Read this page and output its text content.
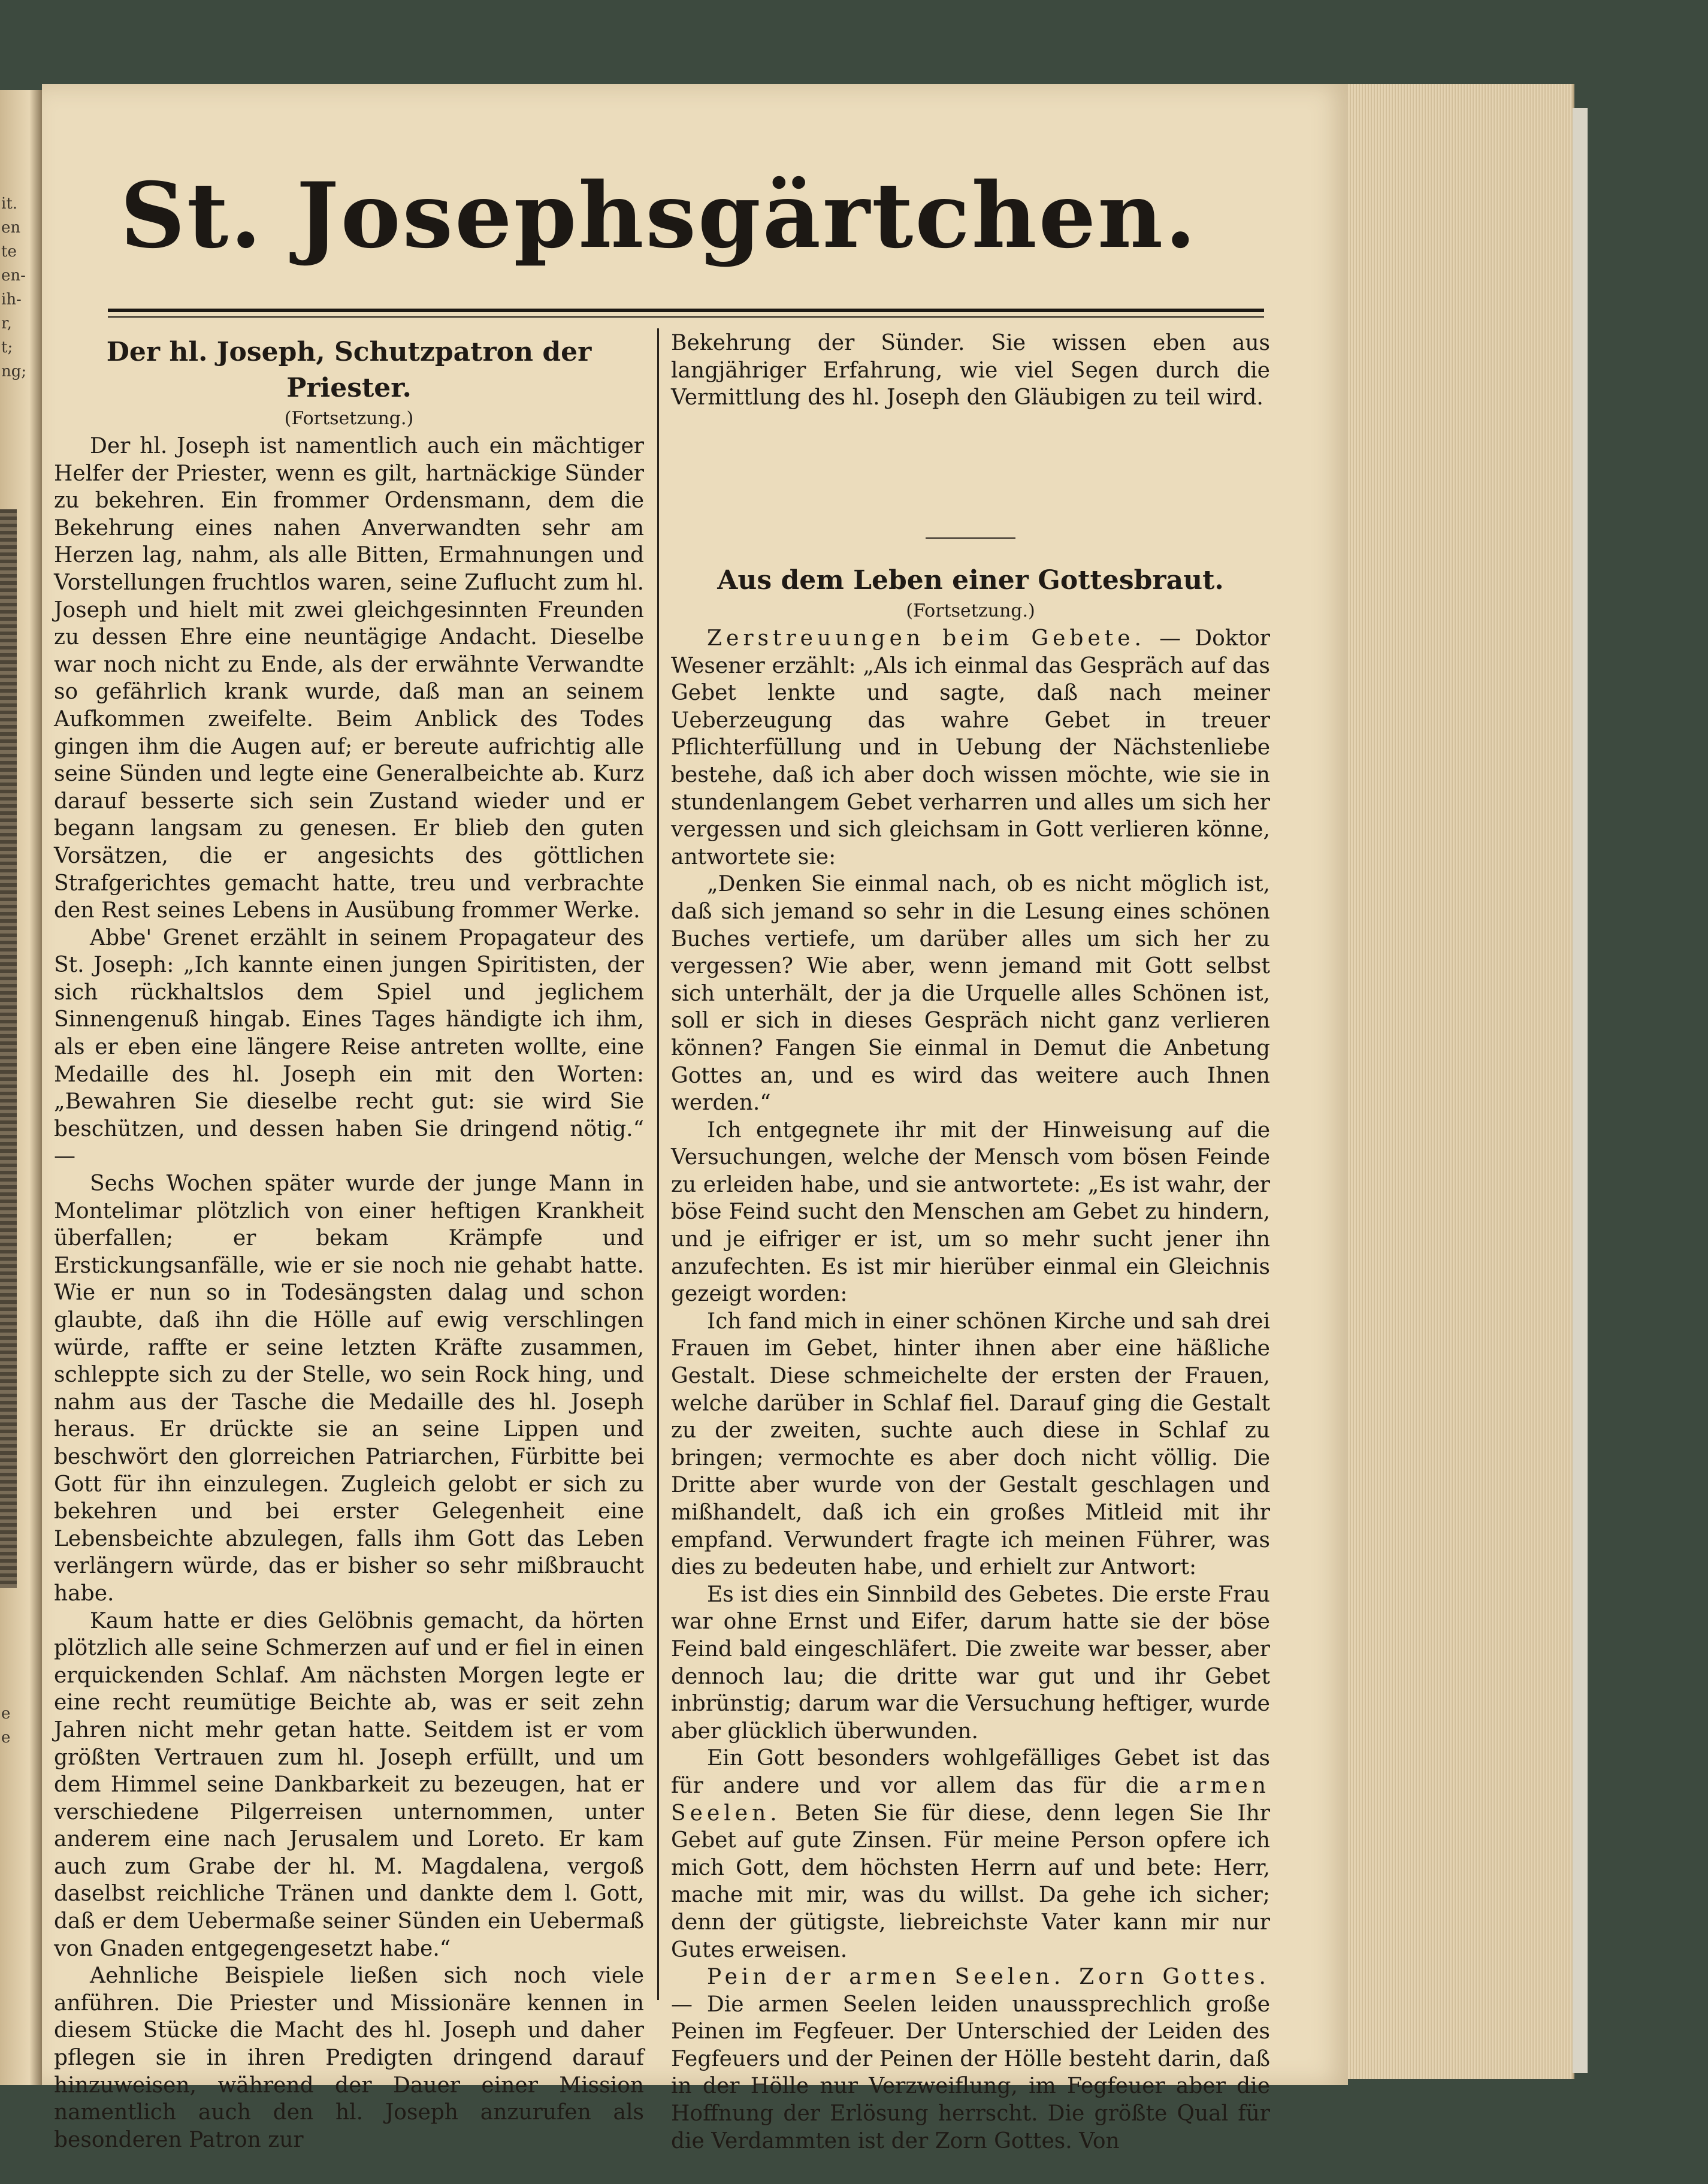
it.
en
te
en-
ih-
r,
t;
ng;
e
e
St. Josephsgärtchen.
Der hl. Joseph, Schutzpatron der Priester.
(Fortsetzung.)

Der hl. Joseph ist namentlich auch ein mächtiger Helfer der Priester, wenn es gilt, hartnäckige Sünder zu bekehren. Ein frommer Ordensmann, dem die Bekehrung eines nahen Anverwandten sehr am Herzen lag, nahm, als alle Bitten, Ermahnungen und Vorstellungen fruchtlos waren, seine Zuflucht zum hl. Joseph und hielt mit zwei gleichgesinnten Freunden zu dessen Ehre eine neuntägige Andacht. Dieselbe war noch nicht zu Ende, als der erwähnte Verwandte so gefährlich krank wurde, daß man an seinem Aufkommen zweifelte. Beim Anblick des Todes gingen ihm die Augen auf; er bereute aufrichtig alle seine Sünden und legte eine Generalbeichte ab. Kurz darauf besserte sich sein Zustand wieder und er begann langsam zu genesen. Er blieb den guten Vorsätzen, die er angesichts des göttlichen Strafgerichtes gemacht hatte, treu und verbrachte den Rest seines Lebens in Ausübung frommer Werke.

Abbe' Grenet erzählt in seinem Propagateur des St. Joseph: „Ich kannte einen jungen Spiritisten, der sich rückhaltslos dem Spiel und jeglichem Sinnengenuß hingab. Eines Tages händigte ich ihm, als er eben eine längere Reise antreten wollte, eine Medaille des hl. Joseph ein mit den Worten: „Bewahren Sie dieselbe recht gut: sie wird Sie beschützen, und dessen haben Sie dringend nötig.“ —

Sechs Wochen später wurde der junge Mann in Montelimar plötzlich von einer heftigen Krankheit überfallen; er bekam Krämpfe und Erstickungsanfälle, wie er sie noch nie gehabt hatte. Wie er nun so in Todesängsten dalag und schon glaubte, daß ihn die Hölle auf ewig verschlingen würde, raffte er seine letzten Kräfte zusammen, schleppte sich zu der Stelle, wo sein Rock hing, und nahm aus der Tasche die Medaille des hl. Joseph heraus. Er drückte sie an seine Lippen und beschwört den glorreichen Patriarchen, Fürbitte bei Gott für ihn einzulegen. Zugleich gelobt er sich zu bekehren und bei erster Gelegenheit eine Lebensbeichte abzulegen, falls ihm Gott das Leben verlängern würde, das er bisher so sehr mißbraucht habe.

Kaum hatte er dies Gelöbnis gemacht, da hörten plötzlich alle seine Schmerzen auf und er fiel in einen erquickenden Schlaf. Am nächsten Morgen legte er eine recht reumütige Beichte ab, was er seit zehn Jahren nicht mehr getan hatte. Seitdem ist er vom größten Vertrauen zum hl. Joseph erfüllt, und um dem Himmel seine Dankbarkeit zu bezeugen, hat er verschiedene Pilgerreisen unternommen, unter anderem eine nach Jerusalem und Loreto. Er kam auch zum Grabe der hl. M. Magdalena, vergoß daselbst reichliche Tränen und dankte dem l. Gott, daß er dem Uebermaße seiner Sünden ein Uebermaß von Gnaden entgegengesetzt habe.“

Aehnliche Beispiele ließen sich noch viele anführen. Die Priester und Missionäre kennen in diesem Stücke die Macht des hl. Joseph und daher pflegen sie in ihren Predigten dringend darauf hinzuweisen, während der Dauer einer Mission namentlich auch den hl. Joseph anzurufen als besonderen Patron zur

Bekehrung der Sünder. Sie wissen eben aus langjähriger Erfahrung, wie viel Segen durch die Vermittlung des hl. Joseph den Gläubigen zu teil wird.

Aus dem Leben einer Gottesbraut.
(Fortsetzung.)

Zerstreuungen beim Gebete. — Doktor Wesener erzählt: „Als ich einmal das Gespräch auf das Gebet lenkte und sagte, daß nach meiner Ueberzeugung das wahre Gebet in treuer Pflichterfüllung und in Uebung der Nächstenliebe bestehe, daß ich aber doch wissen möchte, wie sie in stundenlangem Gebet verharren und alles um sich her vergessen und sich gleichsam in Gott verlieren könne, antwortete sie:

„Denken Sie einmal nach, ob es nicht möglich ist, daß sich jemand so sehr in die Lesung eines schönen Buches vertiefe, um darüber alles um sich her zu vergessen? Wie aber, wenn jemand mit Gott selbst sich unterhält, der ja die Urquelle alles Schönen ist, soll er sich in dieses Gespräch nicht ganz verlieren können? Fangen Sie einmal in Demut die Anbetung Gottes an, und es wird das weitere auch Ihnen werden.“

Ich entgegnete ihr mit der Hinweisung auf die Versuchungen, welche der Mensch vom bösen Feinde zu erleiden habe, und sie antwortete: „Es ist wahr, der böse Feind sucht den Menschen am Gebet zu hindern, und je eifriger er ist, um so mehr sucht jener ihn anzufechten. Es ist mir hierüber einmal ein Gleichnis gezeigt worden:

Ich fand mich in einer schönen Kirche und sah drei Frauen im Gebet, hinter ihnen aber eine häßliche Gestalt. Diese schmeichelte der ersten der Frauen, welche darüber in Schlaf fiel. Darauf ging die Gestalt zu der zweiten, suchte auch diese in Schlaf zu bringen; vermochte es aber doch nicht völlig. Die Dritte aber wurde von der Gestalt geschlagen und mißhandelt, daß ich ein großes Mitleid mit ihr empfand. Verwundert fragte ich meinen Führer, was dies zu bedeuten habe, und erhielt zur Antwort:

Es ist dies ein Sinnbild des Gebetes. Die erste Frau war ohne Ernst und Eifer, darum hatte sie der böse Feind bald eingeschläfert. Die zweite war besser, aber dennoch lau; die dritte war gut und ihr Gebet inbrünstig; darum war die Versuchung heftiger, wurde aber glücklich überwunden.

Ein Gott besonders wohlgefälliges Gebet ist das für andere und vor allem das für die armen Seelen. Beten Sie für diese, denn legen Sie Ihr Gebet auf gute Zinsen. Für meine Person opfere ich mich Gott, dem höchsten Herrn auf und bete: Herr, mache mit mir, was du willst. Da gehe ich sicher; denn der gütigste, liebreichste Vater kann mir nur Gutes erweisen.

Pein der armen Seelen. Zorn Gottes. — Die armen Seelen leiden unaussprechlich große Peinen im Fegfeuer. Der Unterschied der Leiden des Fegfeuers und der Peinen der Hölle besteht darin, daß in der Hölle nur Verzweiflung, im Fegfeuer aber die Hoffnung der Erlösung herrscht. Die größte Qual für die Verdammten ist der Zorn Gottes. Von
